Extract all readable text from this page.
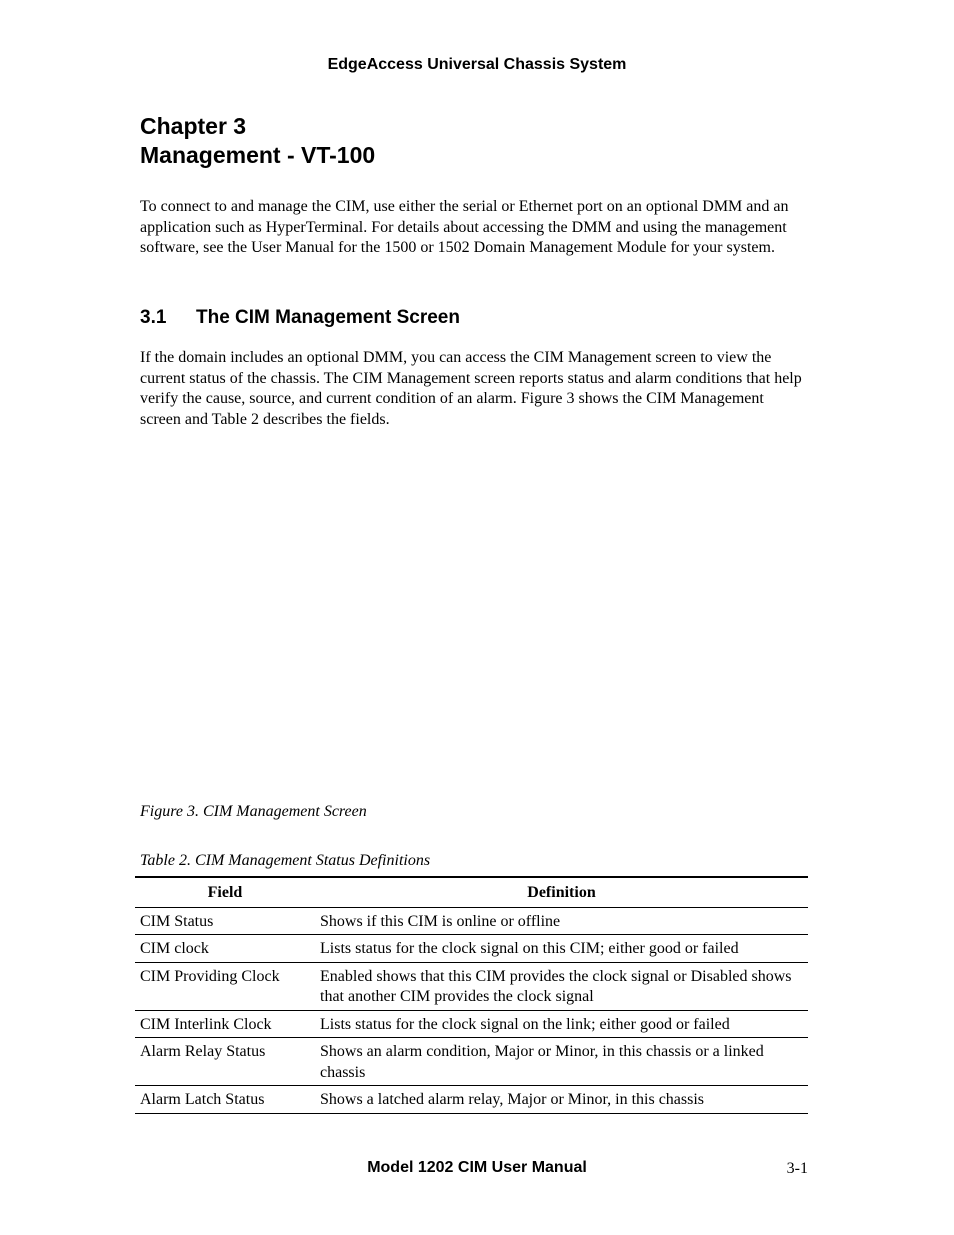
EdgeAccess Universal Chassis System
Chapter 3
Management - VT-100

To connect to and manage the CIM, use either the serial or Ethernet port on an optional DMM and an application such as HyperTerminal. For details about accessing the DMM and using the management software, see the User Manual for the 1500 or 1502 Domain Management Module for your system.

3.1 The CIM Management Screen

If the domain includes an optional DMM, you can access the CIM Management screen to view the current status of the chassis. The CIM Management screen reports status and alarm conditions that help verify the cause, source, and current condition of an alarm. Figure 3 shows the CIM Management screen and Table 2 describes the fields.

Figure 3. CIM Management Screen

Table 2. CIM Management Status Definitions

Field	Definition
CIM Status	Shows if this CIM is online or offline
CIM clock	Lists status for the clock signal on this CIM; either good or failed
CIM Providing Clock	Enabled shows that this CIM provides the clock signal or Disabled shows that another CIM provides the clock signal
CIM Interlink Clock	Lists status for the clock signal on the link; either good or failed
Alarm Relay Status	Shows an alarm condition, Major or Minor, in this chassis or a linked chassis
Alarm Latch Status	Shows a latched alarm relay, Major or Minor, in this chassis
Model 1202 CIM User Manual	3-1
